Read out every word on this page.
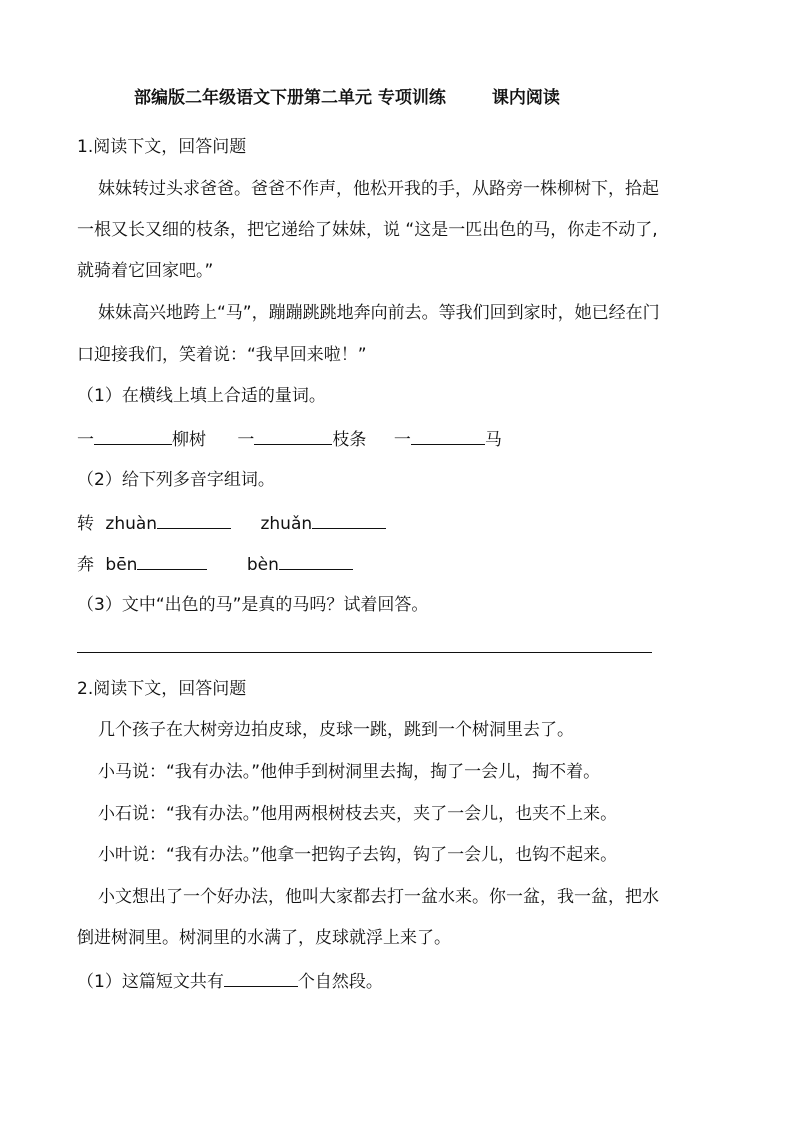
部编版二年级语文下册第二单元 专项训练	课内阅读
1.阅读下文，回答问题
妹妹转过头求爸爸。爸爸不作声，他松开我的手，从路旁一株柳树下，拾起
一根又长又细的枝条，把它递给了妹妹，说 “这是一匹出色的马，你走不动了,
就骑着它回家吧。”
妹妹高兴地跨上“马”，蹦蹦跳跳地奔向前去。等我们回到家时，她已经在门
口迎接我们，笑着说：“我早回来啦！”
（1）在横线上填上合适的量词。
一	柳树 一	枝条 一	马
（2）给下列多音字组词。
转 zhuàn	zhuǎn
奔 bēn	bèn
（3）文中“出色的马”是真的马吗？试着回答。
2.阅读下文，回答问题
几个孩子在大树旁边拍皮球，皮球一跳，跳到一个树洞里去了。
小马说：“我有办法。”他伸手到树洞里去掏，掏了一会儿，掏不着。
小石说：“我有办法。”他用两根树枝去夹，夹了一会儿，也夹不上来。
小叶说：“我有办法。”他拿一把钩子去钩，钩了一会儿，也钩不起来。
小文想出了一个好办法，他叫大家都去打一盆水来。你一盆，我一盆，把水
倒进树洞里。树洞里的水满了，皮球就浮上来了。
（1）这篇短文共有	个自然段。
